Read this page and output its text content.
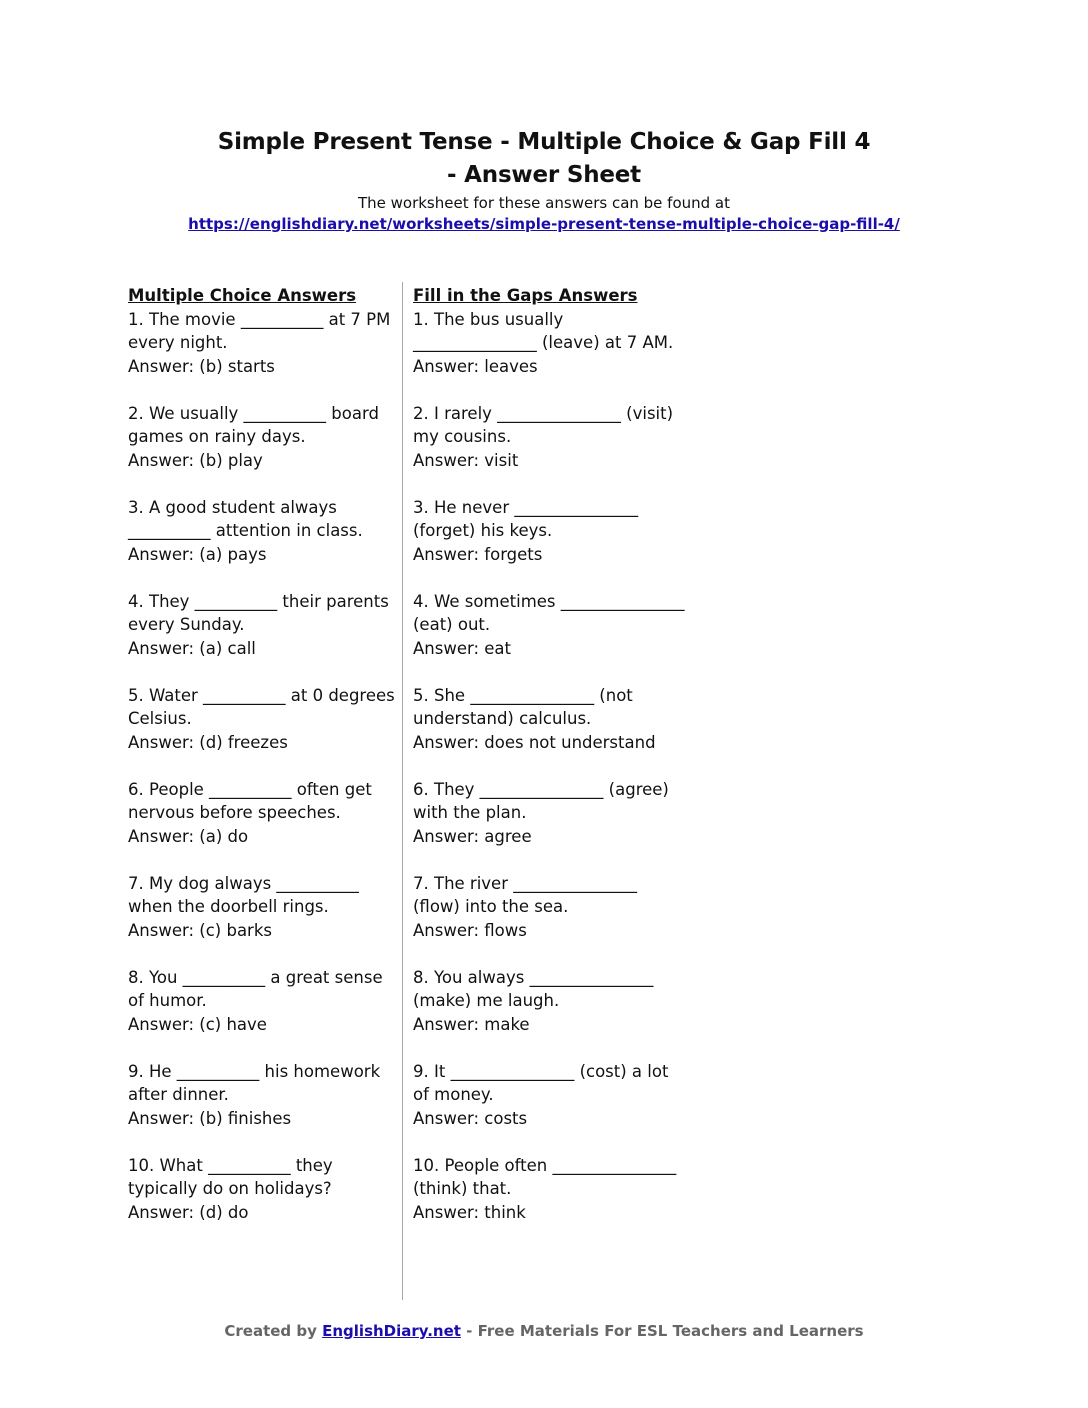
Simple Present Tense - Multiple Choice & Gap Fill 4
- Answer Sheet
The worksheet for these answers can be found at
https://englishdiary.net/worksheets/simple-present-tense-multiple-choice-gap-fill-4/
Multiple Choice Answers

1. The movie __________ at 7 PM every night.

Answer: (b) starts

2. We usually __________ board games on rainy days.

Answer: (b) play

3. A good student always __________ attention in class.

Answer: (a) pays

4. They __________ their parents every Sunday.

Answer: (a) call

5. Water __________ at 0 degrees Celsius.

Answer: (d) freezes

6. People __________ often get nervous before speeches.

Answer: (a) do

7. My dog always __________ when the doorbell rings.

Answer: (c) barks

8. You __________ a great sense of humor.

Answer: (c) have

9. He __________ his homework after dinner.

Answer: (b) finishes

10. What __________ they typically do on holidays?

Answer: (d) do

Fill in the Gaps Answers

1. The bus usually _______________ (leave) at 7 AM.

Answer: leaves

2. I rarely _______________ (visit) my cousins.

Answer: visit

3. He never _______________ (forget) his keys.

Answer: forgets

4. We sometimes _______________ (eat) out.

Answer: eat

5. She _______________ (not understand) calculus.

Answer: does not understand

6. They _______________ (agree) with the plan.

Answer: agree

7. The river _______________ (flow) into the sea.

Answer: flows

8. You always _______________ (make) me laugh.

Answer: make

9. It _______________ (cost) a lot of money.

Answer: costs

10. People often _______________ (think) that.

Answer: think

Created by EnglishDiary.net - Free Materials For ESL Teachers and Learners
